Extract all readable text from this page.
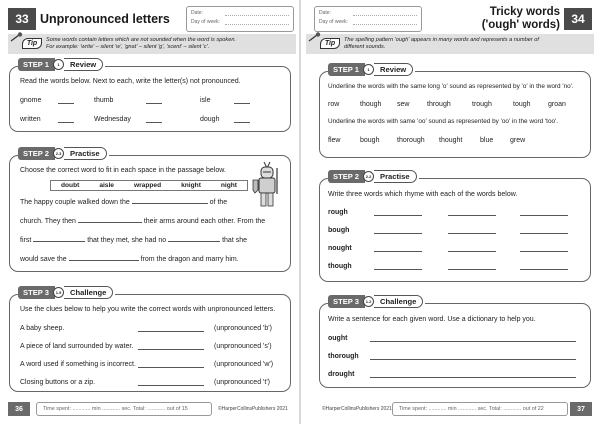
33 Unpronounced letters	Date:
Day of week:
Tip	Some words contain letters which are not sounded when the word is spoken.
For example: 'write' – silent 'w', 'gnat' – silent 'g', 'scent' – silent 'c'.
STEP 1	1	Review
Read the words below. Next to each, write the letter(s) not pronounced.
gnome	thumb	isle
written	Wednesday	dough
STEP 2	2.3	Practise
Choose the correct word to fit in each space in the passage below.
doubt	aisle	wrapped	knight	night
The happy couple walked down the	of the
church. They then	their arms around each other. From the
first	that they met, she had no	that she
would save the	from the dragon and marry him.
STEP 3	1.5	Challenge
Use the clues below to help you write the correct words with unpronounced letters.
A baby sheep.	(unpronounced 'b')
A piece of land surrounded by water.	(unpronounced 's')
A word used if something is incorrect.	(unpronounced 'w')
Closing buttons or a zip.	(unpronounced 't')
36	Time spent: ............ min ............ sec. Total: ............ out of 15	©HarperCollinsPublishers 2021
Date:
Day of week:
Tricky words
('ough' words) 34
Tip	The spelling pattern 'ough' appears in many words and represents a number of
different sounds.
STEP 1	1	Review
Underline the words with the same long 'o' sound as represented by 'o' in the word 'no'.
row	though sew	through	trough	tough groan
Underline the words with same 'oo' sound as represented by 'oo' in the word 'too'.
flew	bough	thorough thought	blue grew
STEP 2	2.2	Practise
Write three words which rhyme with each of the words below.
rough
bough
nought
though
STEP 3	1.2	Challenge
Write a sentence for each given word. Use a dictionary to help you.
ought
thorough
drought
©HarperCollinsPublishers 2021	Time spent: ............ min ............ sec. Total: ............ out of 22	37
